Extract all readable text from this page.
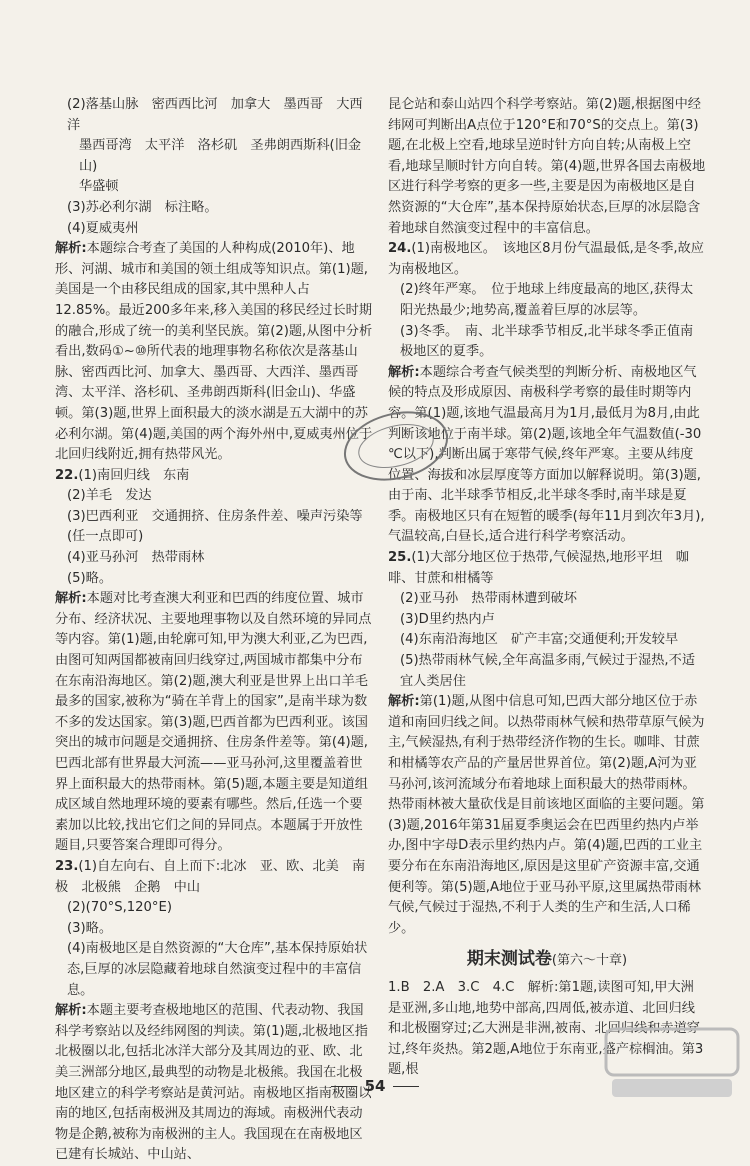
(2)落基山脉　密西西比河　加拿大　墨西哥　大西洋

墨西哥湾　太平洋　洛杉矶　圣弗朗西斯科(旧金山)

华盛顿

(3)苏必利尔湖　标注略。

(4)夏威夷州

解析:本题综合考查了美国的人种构成(2010年)、地形、河湖、城市和美国的领土组成等知识点。第(1)题,美国是一个由移民组成的国家,其中黑种人占12.85%。最近200多年来,移入美国的移民经过长时期的融合,形成了统一的美利坚民族。第(2)题,从图中分析看出,数码①~⑩所代表的地理事物名称依次是落基山脉、密西西比河、加拿大、墨西哥、大西洋、墨西哥湾、太平洋、洛杉矶、圣弗朗西斯科(旧金山)、华盛顿。第(3)题,世界上面积最大的淡水湖是五大湖中的苏必利尔湖。第(4)题,美国的两个海外州中,夏威夷州位于北回归线附近,拥有热带风光。

22.(1)南回归线　东南

(2)羊毛　发达

(3)巴西利亚　交通拥挤、住房条件差、噪声污染等(任一点即可)

(4)亚马孙河　热带雨林

(5)略。

解析:本题对比考查澳大利亚和巴西的纬度位置、城市分布、经济状况、主要地理事物以及自然环境的异同点等内容。第(1)题,由轮廓可知,甲为澳大利亚,乙为巴西,由图可知两国都被南回归线穿过,两国城市都集中分布在东南沿海地区。第(2)题,澳大利亚是世界上出口羊毛最多的国家,被称为“骑在羊背上的国家”,是南半球为数不多的发达国家。第(3)题,巴西首都为巴西利亚。该国突出的城市问题是交通拥挤、住房条件差等。第(4)题,巴西北部有世界最大河流——亚马孙河,这里覆盖着世界上面积最大的热带雨林。第(5)题,本题主要是知道组成区域自然地理环境的要素有哪些。然后,任选一个要素加以比较,找出它们之间的异同点。本题属于开放性题目,只要答案合理即可得分。

23.(1)自左向右、自上而下:北冰　亚、欧、北美　南极　北极熊　企鹅　中山

(2)(70°S,120°E)

(3)略。

(4)南极地区是自然资源的“大仓库”,基本保持原始状态,巨厚的冰层隐藏着地球自然演变过程中的丰富信息。

解析:本题主要考查极地地区的范围、代表动物、我国科学考察站以及经纬网图的判读。第(1)题,北极地区指北极圈以北,包括北冰洋大部分及其周边的亚、欧、北美三洲部分地区,最典型的动物是北极熊。我国在北极地区建立的科学考察站是黄河站。南极地区指南极圈以南的地区,包括南极洲及其周边的海域。南极洲代表动物是企鹅,被称为南极洲的主人。我国现在在南极地区已建有长城站、中山站、

昆仑站和泰山站四个科学考察站。第(2)题,根据图中经纬网可判断出A点位于120°E和70°S的交点上。第(3)题,在北极上空看,地球呈逆时针方向自转;从南极上空看,地球呈顺时针方向自转。第(4)题,世界各国去南极地区进行科学考察的更多一些,主要是因为南极地区是自然资源的“大仓库”,基本保持原始状态,巨厚的冰层隐含着地球自然演变过程中的丰富信息。

24.(1)南极地区。　该地区8月份气温最低,是冬季,故应为南极地区。

(2)终年严寒。　位于地球上纬度最高的地区,获得太阳光热最少;地势高,覆盖着巨厚的冰层等。

(3)冬季。　南、北半球季节相反,北半球冬季正值南极地区的夏季。

解析:本题综合考查气候类型的判断分析、南极地区气候的特点及形成原因、南极科学考察的最佳时期等内容。第(1)题,该地气温最高月为1月,最低月为8月,由此判断该地位于南半球。第(2)题,该地全年气温数值(-30 ℃以下),判断出属于寒带气候,终年严寒。主要从纬度位置、海拔和冰层厚度等方面加以解释说明。第(3)题,由于南、北半球季节相反,北半球冬季时,南半球是夏季。南极地区只有在短暂的暖季(每年11月到次年3月),气温较高,白昼长,适合进行科学考察活动。

25.(1)大部分地区位于热带,气候湿热,地形平坦　咖啡、甘蔗和柑橘等

(2)亚马孙　热带雨林遭到破坏

(3)D里约热内卢

(4)东南沿海地区　矿产丰富;交通便利;开发较早

(5)热带雨林气候,全年高温多雨,气候过于湿热,不适宜人类居住

解析:第(1)题,从图中信息可知,巴西大部分地区位于赤道和南回归线之间。以热带雨林气候和热带草原气候为主,气候湿热,有利于热带经济作物的生长。咖啡、甘蔗和柑橘等农产品的产量居世界首位。第(2)题,A河为亚马孙河,该河流域分布着地球上面积最大的热带雨林。热带雨林被大量砍伐是目前该地区面临的主要问题。第(3)题,2016年第31届夏季奥运会在巴西里约热内卢举办,图中字母D表示里约热内卢。第(4)题,巴西的工业主要分布在东南沿海地区,原因是这里矿产资源丰富,交通便利等。第(5)题,A地位于亚马孙平原,这里属热带雨林气候,气候过于湿热,不利于人类的生产和生活,人口稀少。

期末测试卷(第六～十章)

1.B　2.A　3.C　4.C　解析:第1题,读图可知,甲大洲是亚洲,多山地,地势中部高,四周低,被赤道、北回归线和北极圈穿过;乙大洲是非洲,被南、北回归线和赤道穿过,终年炎热。第2题,A地位于东南亚,盛产棕榈油。第3题,根

54
